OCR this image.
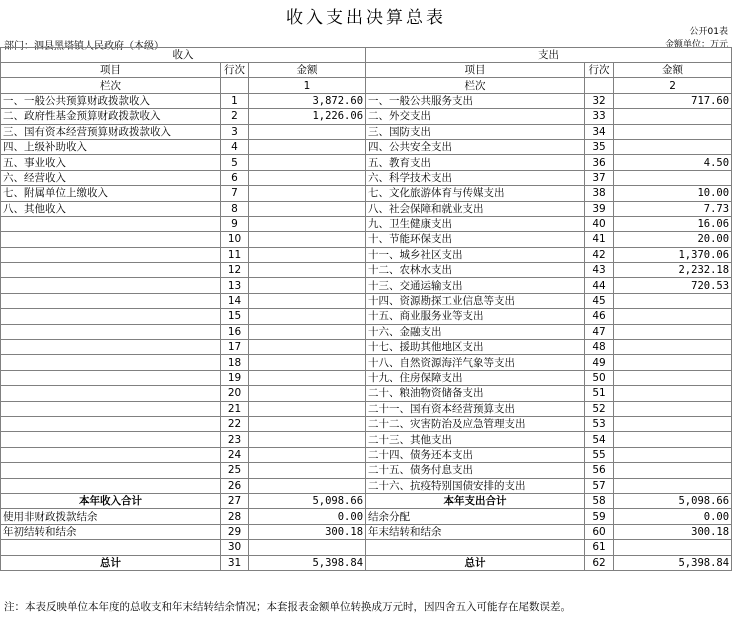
收入支出决算总表
公开01表
部门：泗县黑塔镇人民政府（本级）	金额单位：万元
收入			支出		
项目	行次	金额	项目	行次	金额
栏次		1	栏次		2
一、一般公共预算财政拨款收入	1	3,872.60	一、一般公共服务支出	32	717.60
二、政府性基金预算财政拨款收入	2	1,226.06	二、外交支出	33	
三、国有资本经营预算财政拨款收入	3		三、国防支出	34	
四、上级补助收入	4		四、公共安全支出	35	
五、事业收入	5		五、教育支出	36	4.50
六、经营收入	6		六、科学技术支出	37	
七、附属单位上缴收入	7		七、文化旅游体育与传媒支出	38	10.00
八、其他收入	8		八、社会保障和就业支出	39	7.73
	9		九、卫生健康支出	40	16.06
	10		十、节能环保支出	41	20.00
	11		十一、城乡社区支出	42	1,370.06
	12		十二、农林水支出	43	2,232.18
	13		十三、交通运输支出	44	720.53
	14		十四、资源勘探工业信息等支出	45	
	15		十五、商业服务业等支出	46	
	16		十六、金融支出	47	
	17		十七、援助其他地区支出	48	
	18		十八、自然资源海洋气象等支出	49	
	19		十九、住房保障支出	50	
	20		二十、粮油物资储备支出	51	
	21		二十一、国有资本经营预算支出	52	
	22		二十二、灾害防治及应急管理支出	53	
	23		二十三、其他支出	54	
	24		二十四、债务还本支出	55	
	25		二十五、债务付息支出	56	
	26		二十六、抗疫特别国债安排的支出	57	
本年收入合计	27	5,098.66	本年支出合计	58	5,098.66
使用非财政拨款结余	28	0.00	结余分配	59	0.00
年初结转和结余	29	300.18	年末结转和结余	60	300.18
	30			61	
总计	31	5,398.84	总计	62	5,398.84
注：本表反映单位本年度的总收支和年末结转结余情况；本套报表金额单位转换成万元时，因四舍五入可能存在尾数误差。
